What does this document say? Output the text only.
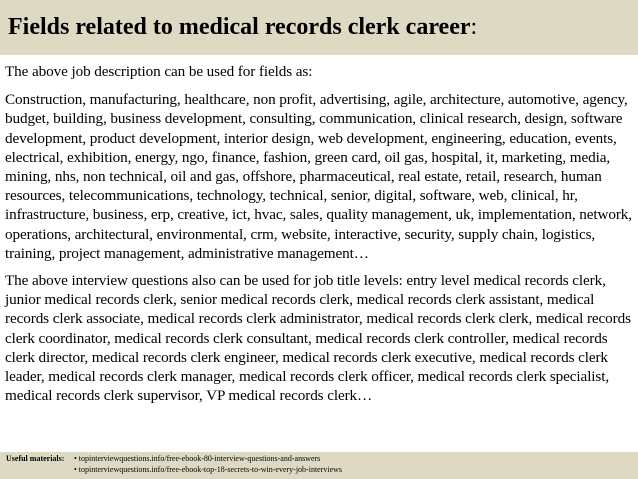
Fields related to medical records clerk career:

The above job description can be used for fields as:

Construction, manufacturing, healthcare, non profit, advertising, agile, architecture, automotive, agency, budget, building, business development, consulting, communication, clinical research, design, software development, product development, interior design, web development, engineering, education, events, electrical, exhibition, energy, ngo, finance, fashion, green card, oil gas, hospital, it, marketing, media, mining, nhs, non technical, oil and gas, offshore, pharmaceutical, real estate, retail, research, human resources, telecommunications, technology, technical, senior, digital, software, web, clinical, hr, infrastructure, business, erp, creative, ict, hvac, sales, quality management, uk, implementation, network, operations, architectural, environmental, crm, website, interactive, security, supply chain, logistics, training, project management, administrative management…

The above interview questions also can be used for job title levels: entry level medical records clerk, junior medical records clerk, senior medical records clerk, medical records clerk assistant, medical records clerk associate, medical records clerk administrator, medical records clerk clerk, medical records clerk coordinator, medical records clerk consultant, medical records clerk controller, medical records clerk director, medical records clerk engineer, medical records clerk executive, medical records clerk leader, medical records clerk manager, medical records clerk officer, medical records clerk specialist, medical records clerk supervisor, VP medical records clerk…

Useful materials:	• topinterviewquestions.info/free-ebook-80-interview-questions-and-answers
• topinterviewquestions.info/free-ebook-top-18-secrets-to-win-every-job-interviews
